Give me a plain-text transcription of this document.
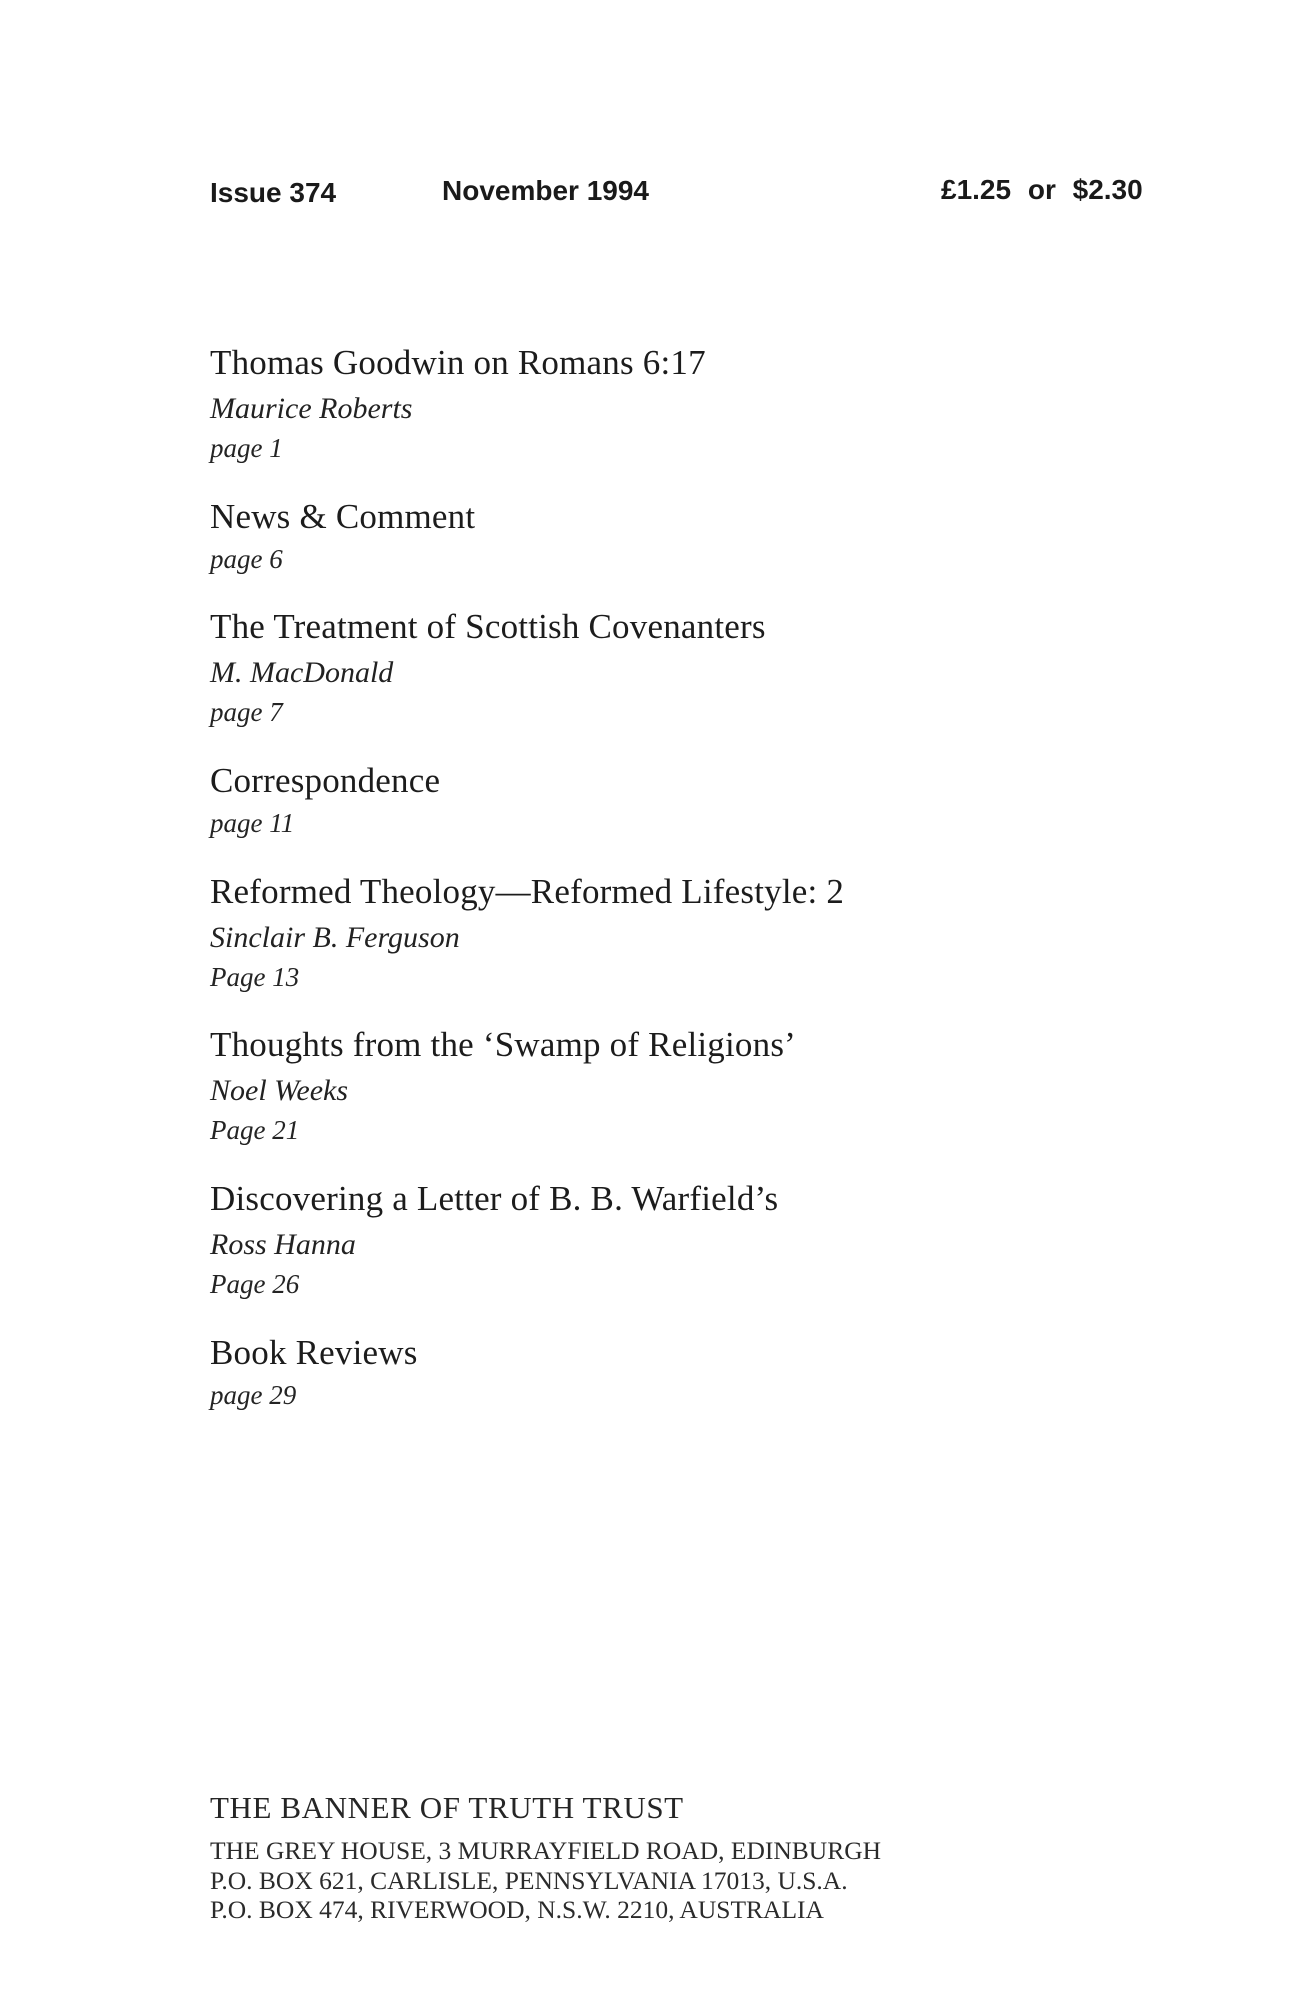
Issue 374	November 1994	£1.25 or $2.30
Thomas Goodwin on Romans 6:17

Maurice Roberts

page 1

News & Comment

page 6

The Treatment of Scottish Covenanters

M. MacDonald

page 7

Correspondence

page 11

Reformed Theology—Reformed Lifestyle: 2

Sinclair B. Ferguson

Page 13

Thoughts from the ‘Swamp of Religions’

Noel Weeks

Page 21

Discovering a Letter of B. B. Warfield’s

Ross Hanna

Page 26

Book Reviews

page 29

THE BANNER OF TRUTH TRUST
THE GREY HOUSE, 3 MURRAYFIELD ROAD, EDINBURGH
P.O. BOX 621, CARLISLE, PENNSYLVANIA 17013, U.S.A.
P.O. BOX 474, RIVERWOOD, N.S.W. 2210, AUSTRALIA
